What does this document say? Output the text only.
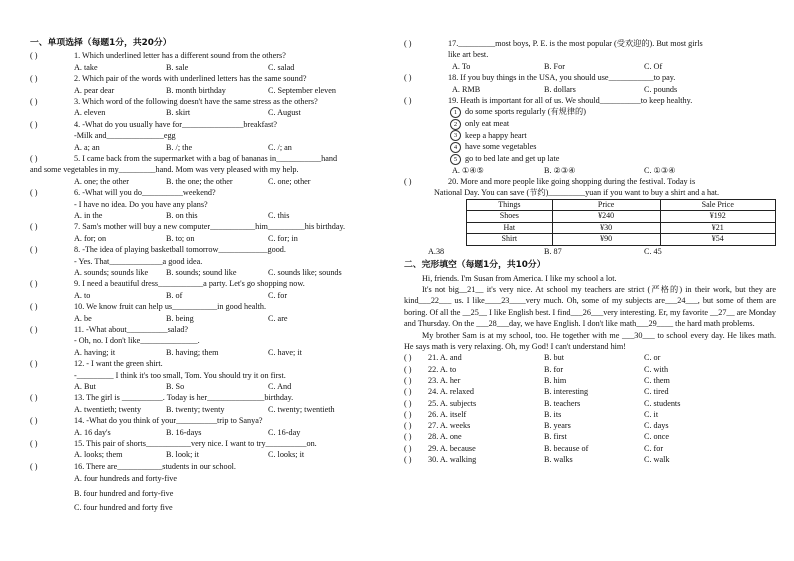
一、单项选择（每题1分，共20分）
( )	1. Which underlined letter has a different sound from the others?
A. take	B. sale	C. salad
( )	2. Which pair of the words with underlined letters has the same sound?
A. pear dear	B. month birthday	C. September eleven
( )	3. Which word of the following doesn't have the same stress as the others?
A. eleven	B. skirt	C. August
( )	4. -What do you usually have for_______________breakfast?
-Milk and______________egg
A. a; an	B. /; the	C. /; an
( )	5. I came back from the supermarket with a bag of bananas in___________hand
and some vegetables in my_________hand. Mom was very pleased with my help.
A. one; the other	B. the one; the other	C. one; other
( )	6. -What will you do__________weekend?
- I have no idea. Do you have any plans?
A. in the	B. on this	C. this
( )	7. Sam's mother will buy a new computer___________him_________his birthday.
A. for; on	B. to; on	C. for; in
( )	8. -The idea of playing basketball tomorrow____________good.
- Yes. That_____________a good idea.
A. sounds; sounds like B. sounds; sound like	C. sounds like; sounds
( )	9. I need a beautiful dress___________a party. Let's go shopping now.
A. to	B. of	C. for
( )	10. We know fruit can help us___________in good health.
A. be	B. being	C. are
( )	11. -What about__________salad?
- Oh, no. I don't like______________.
A. having; it	B. having; them	C. have; it
( )	12. - I want the green shirt.
-_________ I think it's too small, Tom. You should try it on first.
A. But	B. So	C. And
( )	13. The girl is __________. Today is her______________birthday.
A. twentieth; twenty	B. twenty; twenty	C. twenty; twentieth
( )	14. -What do you think of your__________trip to Sanya?
A. 16 day's	B. 16-days	C. 16-day
( )	15. This pair of shorts___________very nice. I want to try__________on.
A. looks; them	B. look; it	C. looks; it
( )	16. There are___________students in our school.
A. four hundreds and forty-five
B. four hundred and forty-five
C. four hundred and forty five
( )	17._________most boys, P. E. is the most popular (受欢迎的). But most girls
like art best.
A. To	B. For	C. Of
( )	18. If you buy things in the USA, you should use___________to pay.
A. RMB	B. dollars	C. pounds
( )	19. Heath is important for all of us. We should__________to keep healthy.
1 do some sports regularly (有规律的)
2 only eat meat
3 keep a happy heart
4 have some vegetables
5 go to bed late and get up late
A. ①④⑤	B. ②③④	C. ①③④
( )	20. More and more people like going shopping during the festival. Today is
National Day. You can save (节约)_________yuan if you want to buy a shirt and a hat.
Things	Price	Sale Price
Shoes	¥240	¥192
Hat	¥30	¥21
Shirt	¥90	¥54
A.38	B. 87	C. 45
二、完形填空（每题1分，共10分）
Hi, friends. I'm Susan from America. I like my school a lot.
It's not big__21__ it's very nice. At school my teachers are strict (严格的) in their work, but they are kind___22___ us. I like____23____very much. Oh, some of my subjects are___24___, but some of them are boring. Of all the __25__ I like English best. I find___26___very interesting. Er, my favorite __27__ are Monday and Thursday. On the ___28___day, we have English. I don't like math___29____ the hard math problems.
My brother Sam is at my school, too. He together with me ___30___ to school every day. He likes math. He says math is very relaxing. Oh, my God! I can't understand him!
( ) 21. A. and	B. but	C. or
( ) 22. A. to	B. for	C. with
( ) 23. A. her	B. him	C. them
( ) 24. A. relaxed	B. interesting	C. tired
( ) 25. A. subjects	B. teachers	C. students
( ) 26. A. itself	B. its	C. it
( ) 27. A. weeks	B. years	C. days
( ) 28. A. one	B. first	C. once
( ) 29. A. because	B. because of	C. for
( ) 30. A. walking	B. walks	C. walk
